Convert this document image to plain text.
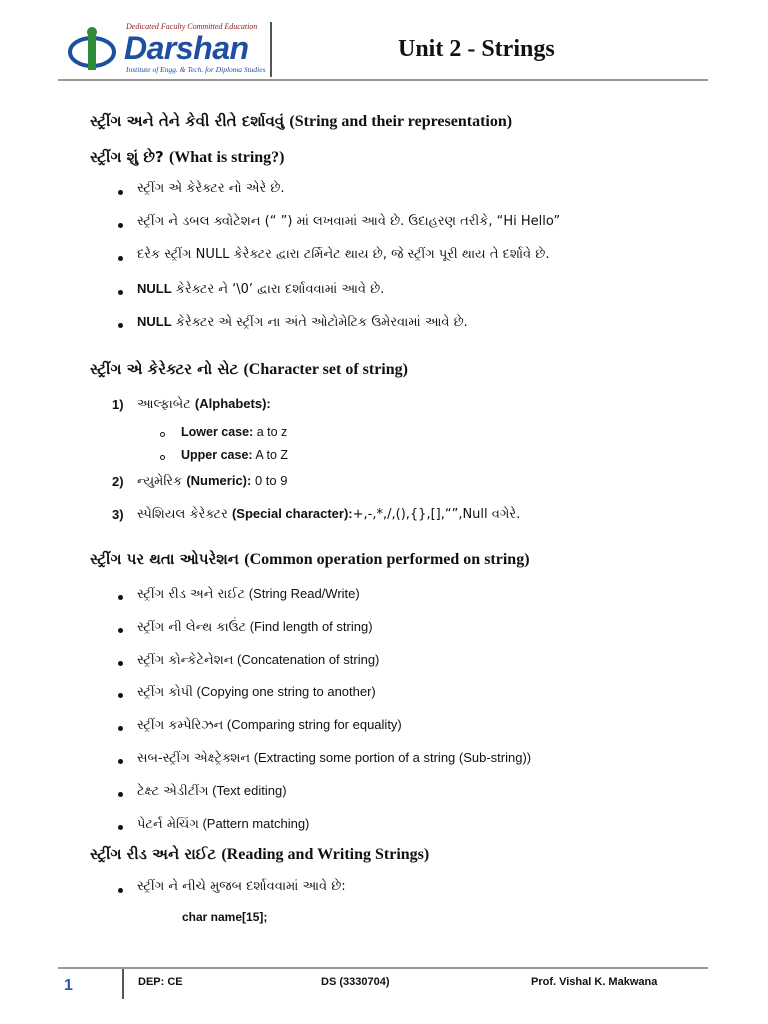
Dedicated Faculty Committed Education
Darshan
Institute of Engg. & Tech. for Diploma Studies
Unit 2 - Strings
સ્ટ્રીંગ અને તેને કેવી રીતે દર્શાવવું (String and their representation)
સ્ટ્રીંગ શું છે? (What is string?)
સ્ટ્રીંગ એ કેરેક્ટર નો એરે છે.
સ્ટ્રીંગ ને ડબલ ક્વોટેશન (“ ”) માં લખવામાં આવે છે. ઉદાહરણ તરીકે, “Hi Hello”
દરેક સ્ટ્રીંગ NULL કેરેક્ટર દ્વારા ટર્મિનેટ થાય છે, જે સ્ટ્રીંગ પૂરી થાય તે દર્શાવે છે.
NULL કેરેક્ટર ને ‘\0’ દ્વારા દર્શાવવામાં આવે છે.
NULL કેરેક્ટર એ સ્ટ્રીંગ ના અંતે ઓટોમેટિક ઉમેરવામાં આવે છે.
સ્ટ્રીંગ એ કેરેક્ટર નો સેટ (Character set of string)
1) આલ્ફાબેટ (Alphabets):
Lower case: a to z
Upper case: A to Z
2) ન્યુમેરિક (Numeric): 0 to 9
3) સ્પેશિયલ કેરેક્ટર (Special character):+,-,*,/,(),{},[],“”,Null વગેરે.
સ્ટ્રીંગ પર થતા ઓપરેશન (Common operation performed on string)
સ્ટ્રીંગ રીડ અને રાઈટ (String Read/Write)
સ્ટ્રીંગ ની લેન્થ કાઉંટ (Find length of string)
સ્ટ્રીંગ કોન્કેટેનેશન (Concatenation of string)
સ્ટ્રીંગ કોપી (Copying one string to another)
સ્ટ્રીંગ કમ્પેરિઝન (Comparing string for equality)
સબ-સ્ટ્રીંગ એક્ષ્ટ્રેક્શન (Extracting some portion of a string (Sub-string))
ટેક્ષ્ટ એડીટીંગ (Text editing)
પેટર્ન મેચિંગ (Pattern matching)
સ્ટ્રીંગ રીડ અને રાઈટ (Reading and Writing Strings)
સ્ટ્રીંગ ને નીચે મુજબ દર્શાવવામાં આવે છે:
char name[15];
1	DEP: CE	DS (3330704)	Prof. Vishal K. Makwana
